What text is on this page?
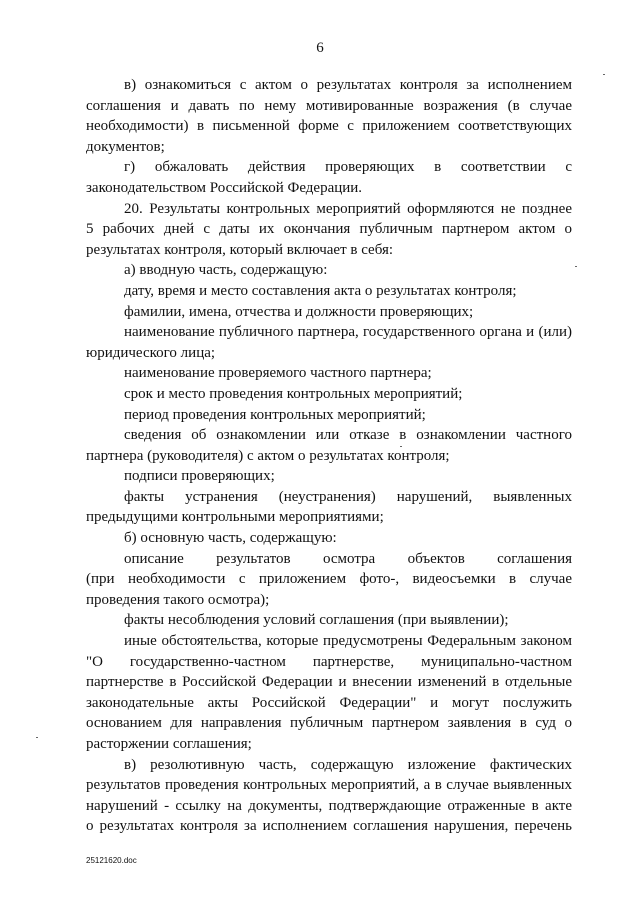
6
в) ознакомиться с актом о результатах контроля за исполнением
соглашения и давать по нему мотивированные возражения (в случае
необходимости) в письменной форме с приложением соответствующих
документов;
г) обжаловать действия проверяющих в соответствии с
законодательством Российской Федерации.
20. Результаты контрольных мероприятий оформляются не позднее
5 рабочих дней с даты их окончания публичным партнером актом о
результатах контроля, который включает в себя:
а) вводную часть, содержащую:
дату, время и место составления акта о результатах контроля;
фамилии, имена, отчества и должности проверяющих;
наименование публичного партнера, государственного органа и (или)
юридического лица;
наименование проверяемого частного партнера;
срок и место проведения контрольных мероприятий;
период проведения контрольных мероприятий;
сведения об ознакомлении или отказе в ознакомлении частного
партнера (руководителя) с актом о результатах контроля;
подписи проверяющих;
факты устранения (неустранения) нарушений, выявленных
предыдущими контрольными мероприятиями;
б) основную часть, содержащую:
описание результатов осмотра объектов соглашения
(при необходимости с приложением фото-, видеосъемки в случае
проведения такого осмотра);
факты несоблюдения условий соглашения (при выявлении);
иные обстоятельства, которые предусмотрены Федеральным законом
"О государственно-частном партнерстве, муниципально-частном
партнерстве в Российской Федерации и внесении изменений в отдельные
законодательные акты Российской Федерации" и могут послужить
основанием для направления публичным партнером заявления в суд о
расторжении соглашения;
в) резолютивную часть, содержащую изложение фактических
результатов проведения контрольных мероприятий, а в случае выявленных
нарушений - ссылку на документы, подтверждающие отраженные в акте
о результатах контроля за исполнением соглашения нарушения, перечень
25121620.doc
